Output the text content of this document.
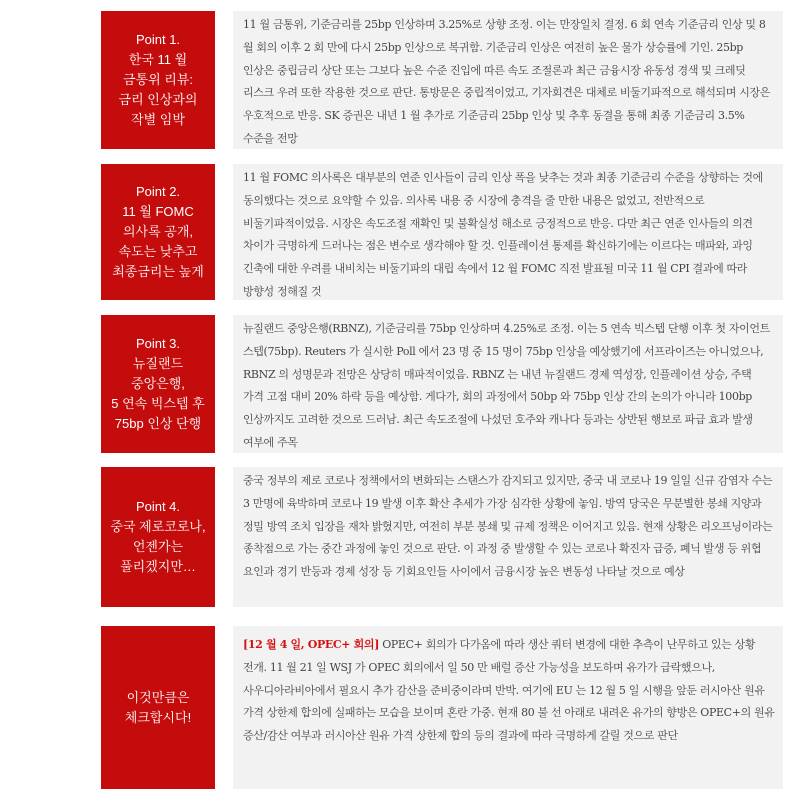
Point 1.
한국 11 월
금통위 리뷰:
금리 인상과의
작별 임박
11 월 금통위, 기준금리를 25bp 인상하며 3.25%로 상향 조정. 이는 만장일치 결정. 6 회 연속 기준금리 인상 및 8 월 회의 이후 2 회 만에 다시 25bp 인상으로 복귀함. 기준금리 인상은 여전히 높은 물가 상승률에 기인. 25bp 인상은 중립금리 상단 또는 그보다 높은 수준 진입에 따른 속도 조절론과 최근 금융시장 유동성 경색 및 크레딧 리스크 우려 또한 작용한 것으로 판단. 통방문은 중립적이었고, 기자회견은 대체로 비둘기파적으로 해석되며 시장은 우호적으로 반응. SK 증권은 내년 1 월 추가로 기준금리 25bp 인상 및 추후 동결을 통해 최종 기준금리 3.5% 수준을 전망
Point 2.
11 월 FOMC
의사록 공개,
속도는 낮추고
최종금리는 높게
11 월 FOMC 의사록은 대부분의 연준 인사들이 금리 인상 폭을 낮추는 것과 최종 기준금리 수준을 상향하는 것에 동의했다는 것으로 요약할 수 있음. 의사록 내용 중 시장에 충격을 줄 만한 내용은 없었고, 전반적으로 비둘기파적이었음. 시장은 속도조절 재확인 및 불확실성 해소로 긍정적으로 반응. 다만 최근 연준 인사들의 의견 차이가 극명하게 드러나는 점은 변수로 생각해야 할 것. 인플레이션 통제를 확신하기에는 이르다는 매파와, 과잉 긴축에 대한 우려를 내비치는 비둘기파의 대립 속에서 12 월 FOMC 직전 발표될 미국 11 월 CPI 결과에 따라 방향성 정해질 것
Point 3.
뉴질랜드
중앙은행,
5 연속 빅스텝 후
75bp 인상 단행
뉴질랜드 중앙은행(RBNZ), 기준금리를 75bp 인상하며 4.25%로 조정. 이는 5 연속 빅스텝 단행 이후 첫 자이언트 스텝(75bp). Reuters 가 실시한 Poll 에서 23 명 중 15 명이 75bp 인상을 예상했기에 서프라이즈는 아니었으나, RBNZ 의 성명문과 전망은 상당히 매파적이었음. RBNZ 는 내년 뉴질랜드 경제 역성장, 인플레이션 상승, 주택 가격 고점 대비 20% 하락 등을 예상함. 게다가, 회의 과정에서 50bp 와 75bp 인상 간의 논의가 아니라 100bp 인상까지도 고려한 것으로 드러남. 최근 속도조절에 나섰던 호주와 캐나다 등과는 상반된 행보로 파급 효과 발생 여부에 주목
Point 4.
중국 제로코로나,
언젠가는
풀리겠지만…
중국 정부의 제로 코로나 정책에서의 변화되는 스탠스가 감지되고 있지만, 중국 내 코로나 19 일일 신규 감염자 수는 3 만명에 육박하며 코로나 19 발생 이후 확산 추세가 가장 심각한 상황에 놓임. 방역 당국은 무분별한 봉쇄 지양과 정밀 방역 조치 입장을 재차 밝혔지만, 여전히 부분 봉쇄 및 규제 정책은 이어지고 있음. 현재 상황은 리오프닝이라는 종착점으로 가는 중간 과정에 놓인 것으로 판단. 이 과정 중 발생할 수 있는 코로나 확진자 급증, 폐닉 발생 등 위협 요인과 경기 반등과 경제 성장 등 기회요인들 사이에서 금융시장 높은 변동성 나타날 것으로 예상
이것만큼은
체크합시다!
[12 월 4 일, OPEC+ 회의] OPEC+ 회의가 다가옴에 따라 생산 쿼터 변경에 대한 추측이 난무하고 있는 상황 전개. 11 월 21 일 WSJ 가 OPEC 회의에서 일 50 만 배럴 증산 가능성을 보도하며 유가가 급락했으나, 사우디아라비아에서 필요시 추가 감산을 준비중이라며 반박. 여기에 EU 는 12 월 5 일 시행을 앞둔 러시아산 원유 가격 상한제 합의에 실패하는 모습을 보이며 혼란 가중. 현재 80 불 선 아래로 내려온 유가의 향방은 OPEC+의 원유 증산/감산 여부과 러시아산 원유 가격 상한제 합의 등의 결과에 따라 극명하게 갈릴 것으로 판단
